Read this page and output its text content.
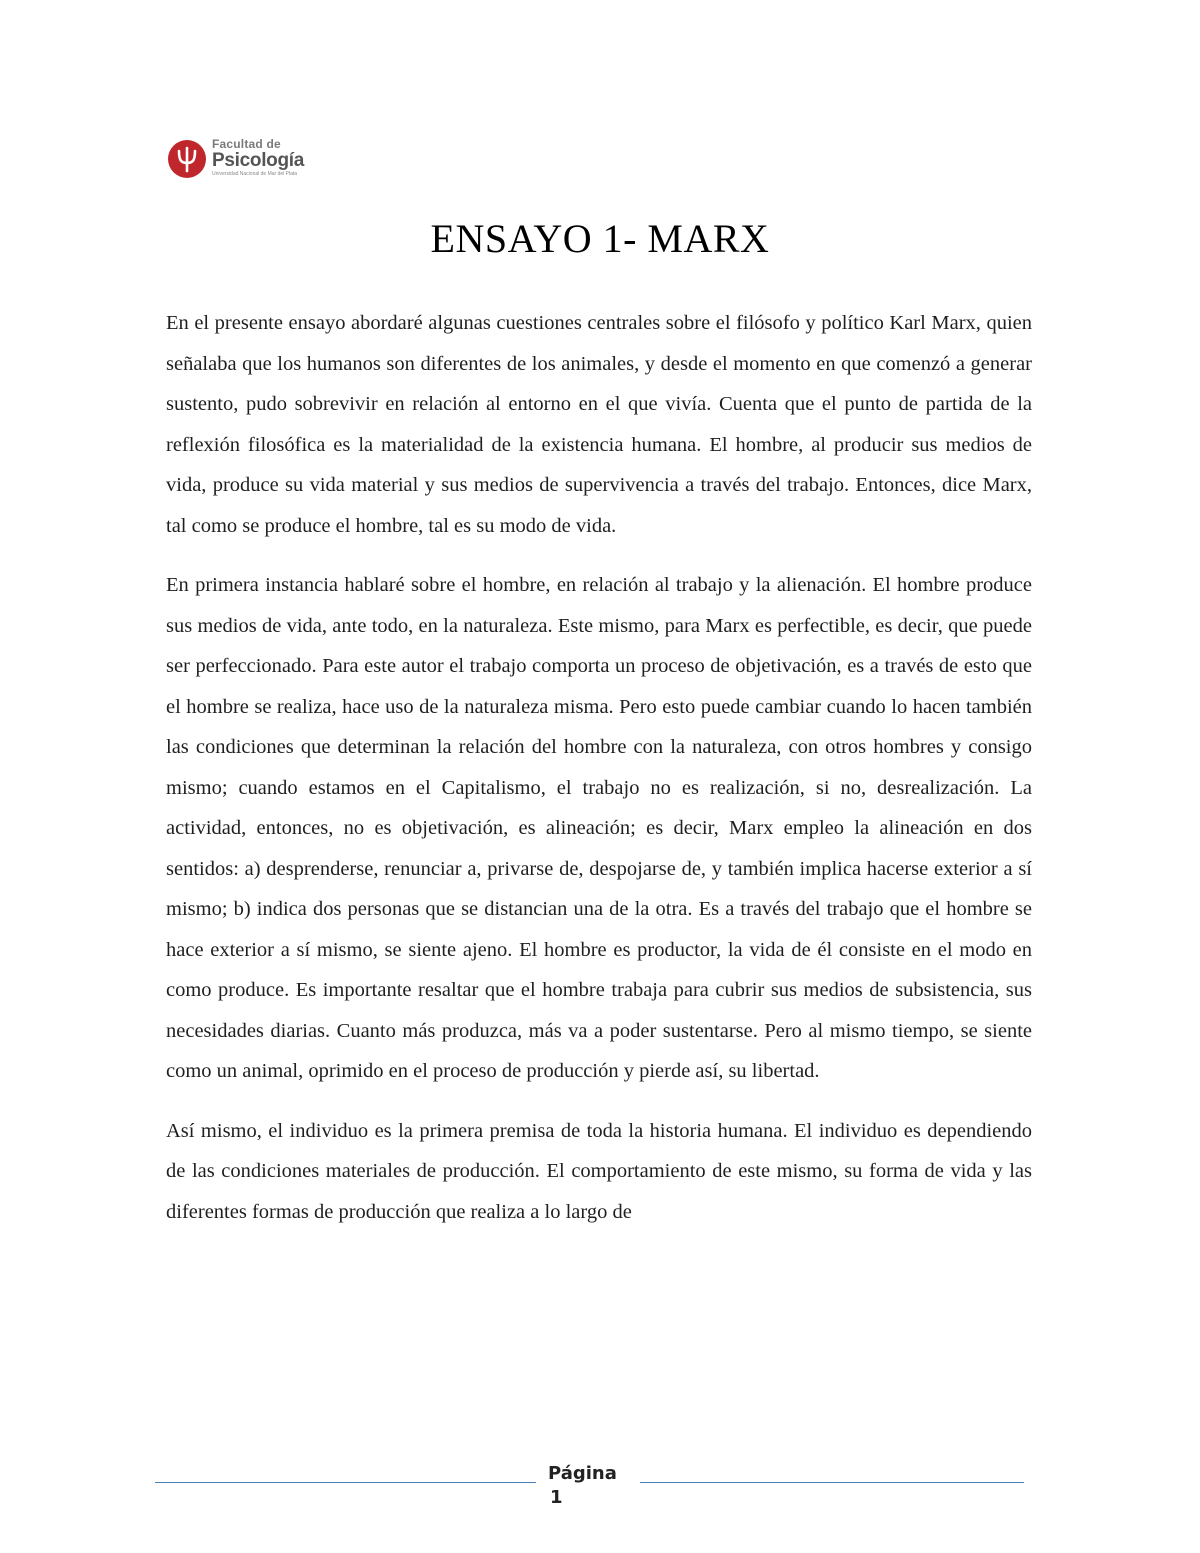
Facultad de
Psicología
Universidad Nacional de Mar del Plata
ENSAYO 1- MARX

En el presente ensayo abordaré algunas cuestiones centrales sobre el filósofo y político Karl Marx, quien señalaba que los humanos son diferentes de los animales, y desde el momento en que comenzó a generar sustento, pudo sobrevivir en relación al entorno en el que vivía. Cuenta que el punto de partida de la reflexión filosófica es la materialidad de la existencia humana. El hombre, al producir sus medios de vida, produce su vida material y sus medios de supervivencia a través del trabajo. Entonces, dice Marx, tal como se produce el hombre, tal es su modo de vida.

En primera instancia hablaré sobre el hombre, en relación al trabajo y la alienación. El hombre produce sus medios de vida, ante todo, en la naturaleza. Este mismo, para Marx es perfectible, es decir, que puede ser perfeccionado. Para este autor el trabajo comporta un proceso de objetivación, es a través de esto que el hombre se realiza, hace uso de la naturaleza misma. Pero esto puede cambiar cuando lo hacen también las condiciones que determinan la relación del hombre con la naturaleza, con otros hombres y consigo mismo; cuando estamos en el Capitalismo, el trabajo no es realización, si no, desrealización. La actividad, entonces, no es objetivación, es alineación; es decir, Marx empleo la alineación en dos sentidos: a) desprenderse, renunciar a, privarse de, despojarse de, y también implica hacerse exterior a sí mismo; b) indica dos personas que se distancian una de la otra. Es a través del trabajo que el hombre se hace exterior a sí mismo, se siente ajeno. El hombre es productor, la vida de él consiste en el modo en como produce. Es importante resaltar que el hombre trabaja para cubrir sus medios de subsistencia, sus necesidades diarias. Cuanto más produzca, más va a poder sustentarse. Pero al mismo tiempo, se siente como un animal, oprimido en el proceso de producción y pierde así, su libertad.

Así mismo, el individuo es la primera premisa de toda la historia humana. El individuo es dependiendo de las condiciones materiales de producción. El comportamiento de este mismo, su forma de vida y las diferentes formas de producción que realiza a lo largo de

Página
1
